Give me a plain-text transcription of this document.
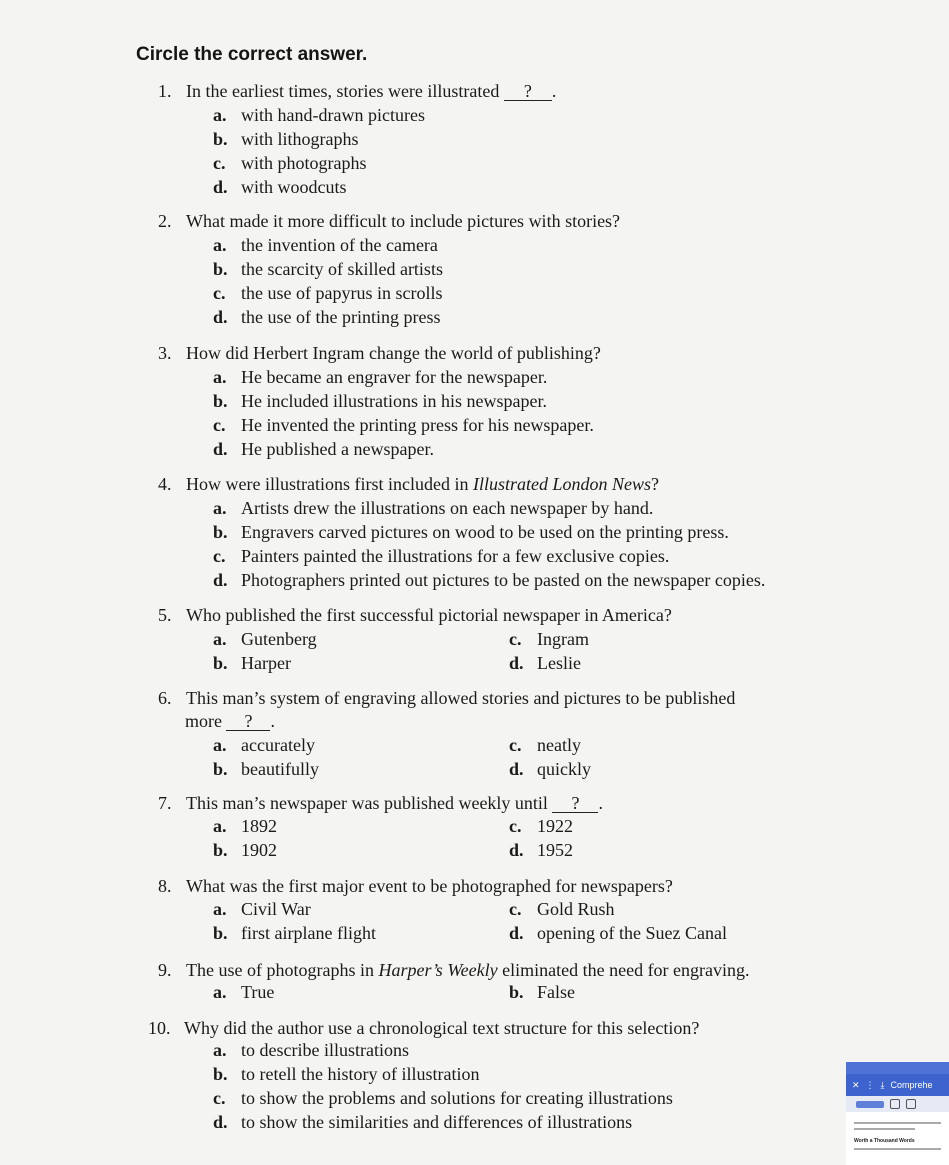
Circle the correct answer.
1. In the earliest times, stories were illustrated ? .
a. with hand-drawn pictures
b. with lithographs
c. with photographs
d. with woodcuts
2. What made it more difficult to include pictures with stories?
a. the invention of the camera
b. the scarcity of skilled artists
c. the use of papyrus in scrolls
d. the use of the printing press
3. How did Herbert Ingram change the world of publishing?
a. He became an engraver for the newspaper.
b. He included illustrations in his newspaper.
c. He invented the printing press for his newspaper.
d. He published a newspaper.
4. How were illustrations first included in Illustrated London News?
a. Artists drew the illustrations on each newspaper by hand.
b. Engravers carved pictures on wood to be used on the printing press.
c. Painters painted the illustrations for a few exclusive copies.
d. Photographers printed out pictures to be pasted on the newspaper copies.
5. Who published the first successful pictorial newspaper in America?
a. Gutenberg	c. Ingram
b. Harper	d. Leslie
6. This man’s system of engraving allowed stories and pictures to be published
more ? .
a. accurately	c. neatly
b. beautifully	d. quickly
7. This man’s newspaper was published weekly until ? .
a. 1892	c. 1922
b. 1902	d. 1952
8. What was the first major event to be photographed for newspapers?
a. Civil War	c. Gold Rush
b. first airplane flight	d. opening of the Suez Canal
9. The use of photographs in Harper’s Weekly eliminated the need for engraving.
a. True	b. False
10. Why did the author use a chronological text structure for this selection?
a. to describe illustrations
b. to retell the history of illustration
c. to show the problems and solutions for creating illustrations
d. to show the similarities and differences of illustrations
✕ ⋮ ⤓ Comprehe
Worth a Thousand Words
